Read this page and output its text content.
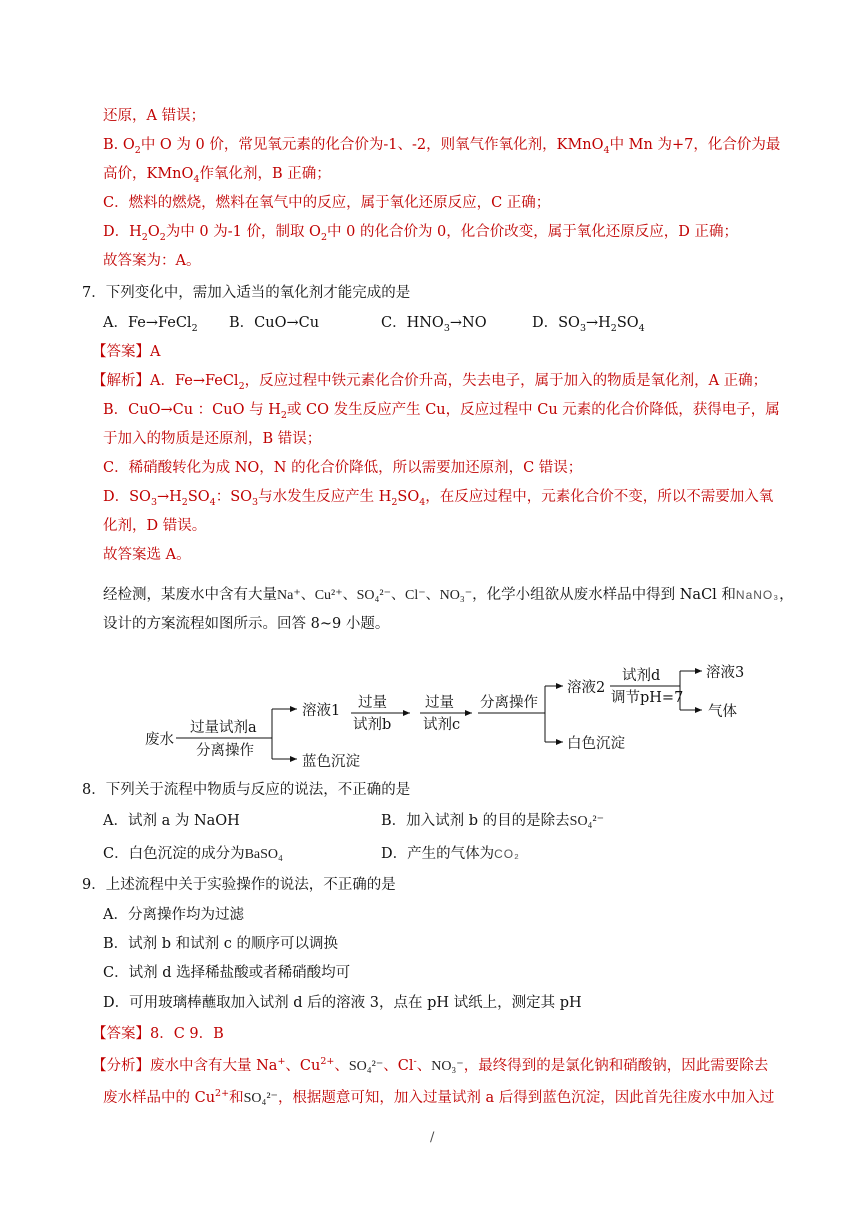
还原，A 错误；
B. $O_2$中 O 为 0 价，常见氧元素的化合价为-1、-2，则氧气作氧化剂，KMnO$_4$中 Mn 为+7，化合价为最
高价，KMnO$_4$作氧化剂，B 正确；
C．燃料的燃烧，燃料在氧气中的反应，属于氧化还原反应，C 正确；
D．$H_2O_2$为中 0 为-1 价，制取 $O_2$中 0 的化合价为 0，化合价改变，属于氧化还原反应，D 正确；
故答案为：A。
7．下列变化中，需加入适当的氧化剂才能完成的是
A．Fe→FeCl$_2$ B．CuO→Cu	C．$HNO_3\to NO$	D．$SO_3\to H_2SO_4$
【答案】A
【解析】A．Fe→FeCl$_2$，反应过程中铁元素化合价升高，失去电子，属于加入的物质是氧化剂，A 正确；
B．CuO→Cu ：CuO 与 $H_2$或 CO 发生反应产生 Cu，反应过程中 Cu 元素的化合价降低，获得电子，属
于加入的物质是还原剂，B 错误；
C．稀硝酸转化为成 NO，N 的化合价降低，所以需要加还原剂，C 错误；
D．$SO_3\to H_2SO_4$：$SO_3$与水发生反应产生 $H_2SO_4$，在反应过程中，元素化合价不变，所以不需要加入氧
化剂，D 错误。
故答案选 A。
经检测，某废水中含有大量Na⁺、Cu²⁺、SO₄²⁻、Cl⁻、NO₃⁻，化学小组欲从废水样品中得到 NaCl 和NaNO₃，
设计的方案流程如图所示。回答 8~9 小题。
废水
过量试剂a
分离操作
溶液1
蓝色沉淀
过量
试剂b
过量
试剂c
分离操作
溶液2
白色沉淀
试剂d
调节pH=7
溶液3
气体
8．下列关于流程中物质与反应的说法，不正确的是
A．试剂 a 为 NaOH	B．加入试剂 b 的目的是除去SO₄²⁻
C．白色沉淀的成分为BaSO₄	D．产生的气体为CO₂
9．上述流程中关于实验操作的说法，不正确的是
A．分离操作均为过滤
B．试剂 b 和试剂 c 的顺序可以调换
C．试剂 d 选择稀盐酸或者稀硝酸均可
D．可用玻璃棒蘸取加入试剂 d 后的溶液 3，点在 pH 试纸上，测定其 pH
【答案】8．C 9．B
【分析】废水中含有大量 Na+、$Cu^{2+}$、SO₄²⁻、Cl-、NO₃⁻，最终得到的是氯化钠和硝酸钠，因此需要除去
废水样品中的 $Cu^{2+}$和SO₄²⁻，根据题意可知，加入过量试剂 a 后得到蓝色沉淀，因此首先往废水中加入过
/
